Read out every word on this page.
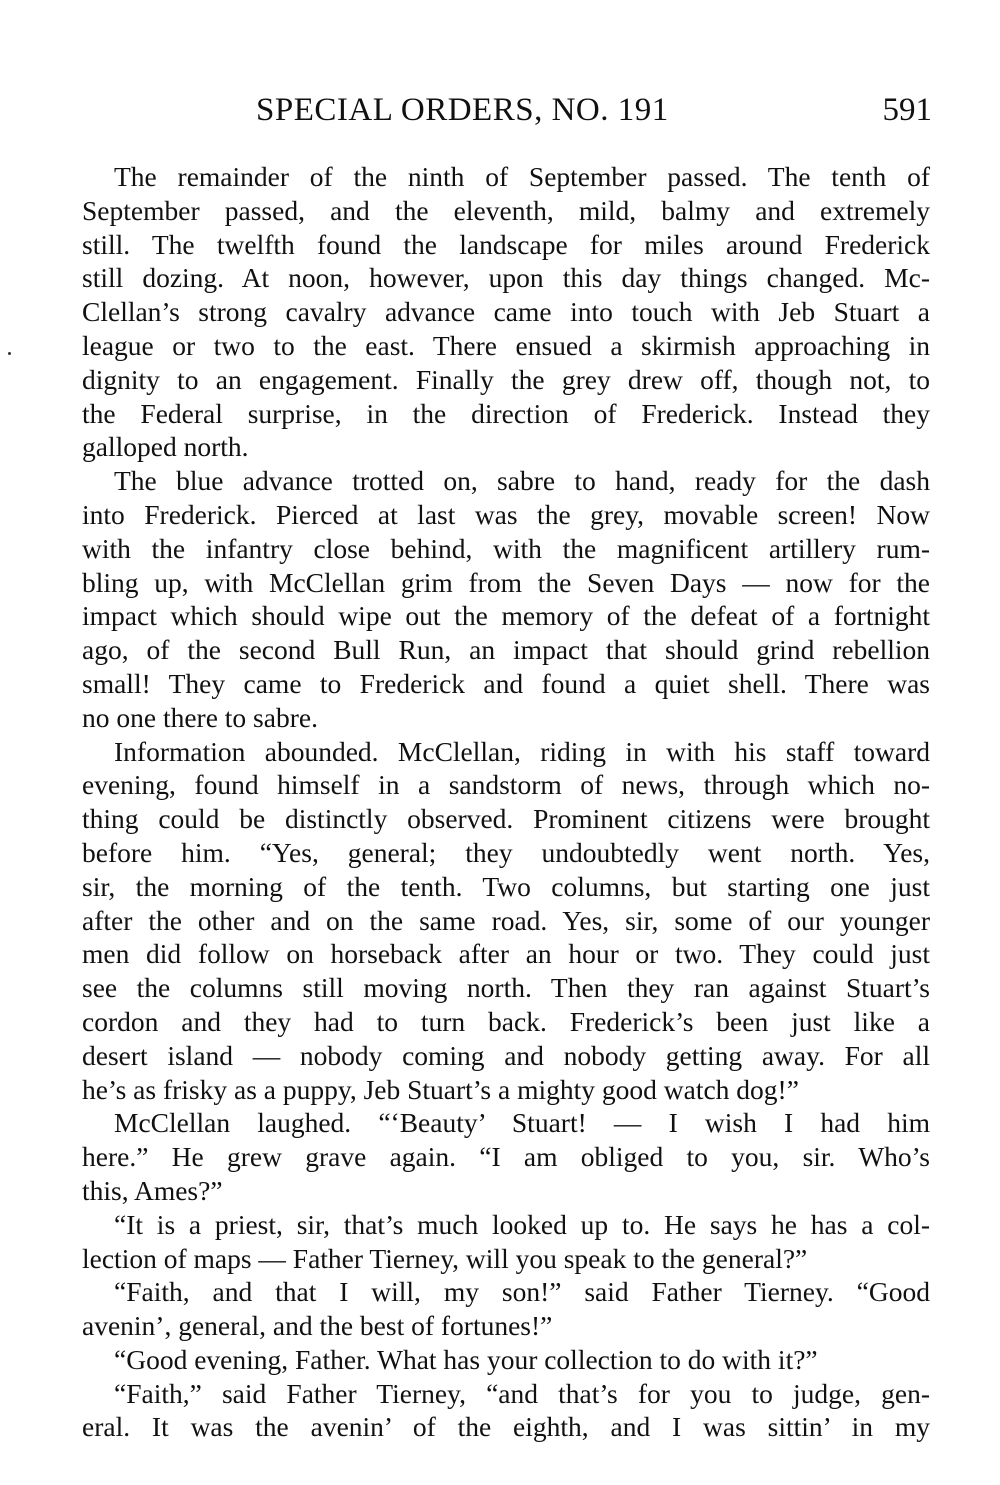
SPECIAL ORDERS, NO. 191	591
The remainder of the ninth of September passed. The tenth of
September passed, and the eleventh, mild, balmy and extremely
still. The twelfth found the landscape for miles around Frederick
still dozing. At noon, however, upon this day things changed. Mc-
Clellan’s strong cavalry advance came into touch with Jeb Stuart a
league or two to the east. There ensued a skirmish approaching in
dignity to an engagement. Finally the grey drew off, though not, to
the Federal surprise, in the direction of Frederick. Instead they
galloped north.
The blue advance trotted on, sabre to hand, ready for the dash
into Frederick. Pierced at last was the grey, movable screen! Now
with the infantry close behind, with the magnificent artillery rum-
bling up, with McClellan grim from the Seven Days — now for the
impact which should wipe out the memory of the defeat of a fortnight
ago, of the second Bull Run, an impact that should grind rebellion
small! They came to Frederick and found a quiet shell. There was
no one there to sabre.
Information abounded. McClellan, riding in with his staff toward
evening, found himself in a sandstorm of news, through which no-
thing could be distinctly observed. Prominent citizens were brought
before him. “Yes, general; they undoubtedly went north. Yes,
sir, the morning of the tenth. Two columns, but starting one just
after the other and on the same road. Yes, sir, some of our younger
men did follow on horseback after an hour or two. They could just
see the columns still moving north. Then they ran against Stuart’s
cordon and they had to turn back. Frederick’s been just like a
desert island — nobody coming and nobody getting away. For all
he’s as frisky as a puppy, Jeb Stuart’s a mighty good watch dog!”
McClellan laughed. “‘Beauty’ Stuart! — I wish I had him
here.” He grew grave again. “I am obliged to you, sir. Who’s
this, Ames?”
“It is a priest, sir, that’s much looked up to. He says he has a col-
lection of maps — Father Tierney, will you speak to the general?”
“Faith, and that I will, my son!” said Father Tierney. “Good
avenin’, general, and the best of fortunes!”
“Good evening, Father. What has your collection to do with it?”
“Faith,” said Father Tierney, “and that’s for you to judge, gen-
eral. It was the avenin’ of the eighth, and I was sittin’ in my
